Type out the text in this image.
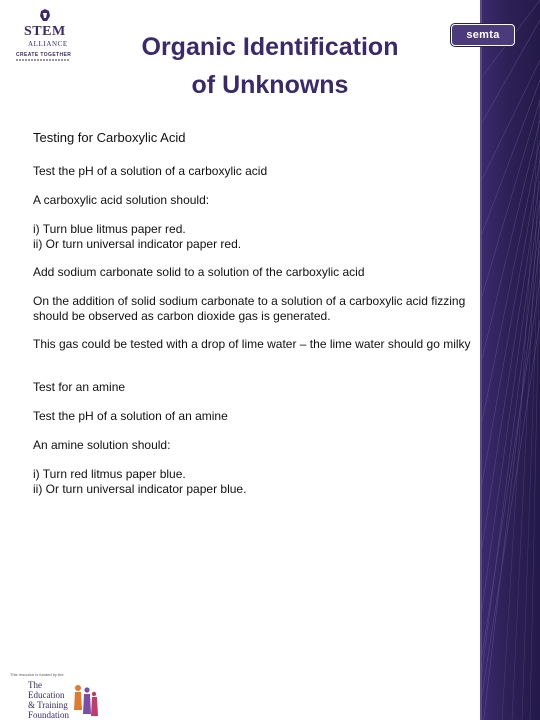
STEM
ALLIANCE
CREATE TOGETHER	Organic Identification
of Unknowns
semta

Testing for Carboxylic Acid

Test the pH of a solution of a carboxylic acid

A carboxylic acid solution should:

i) Turn blue litmus paper red.
ii) Or turn universal indicator paper red.

Add sodium carbonate solid to a solution of the carboxylic acid

On the addition of solid sodium carbonate to a solution of a carboxylic acid fizzing should be observed as carbon dioxide gas is generated.

This gas could be tested with a drop of lime water – the lime water should go milky

Test for an amine

Test the pH of a solution of an amine

An amine solution should:

i) Turn red litmus paper blue.
ii) Or turn universal indicator paper blue.

This resource is funded by the
The
Education
& Training
Foundation
